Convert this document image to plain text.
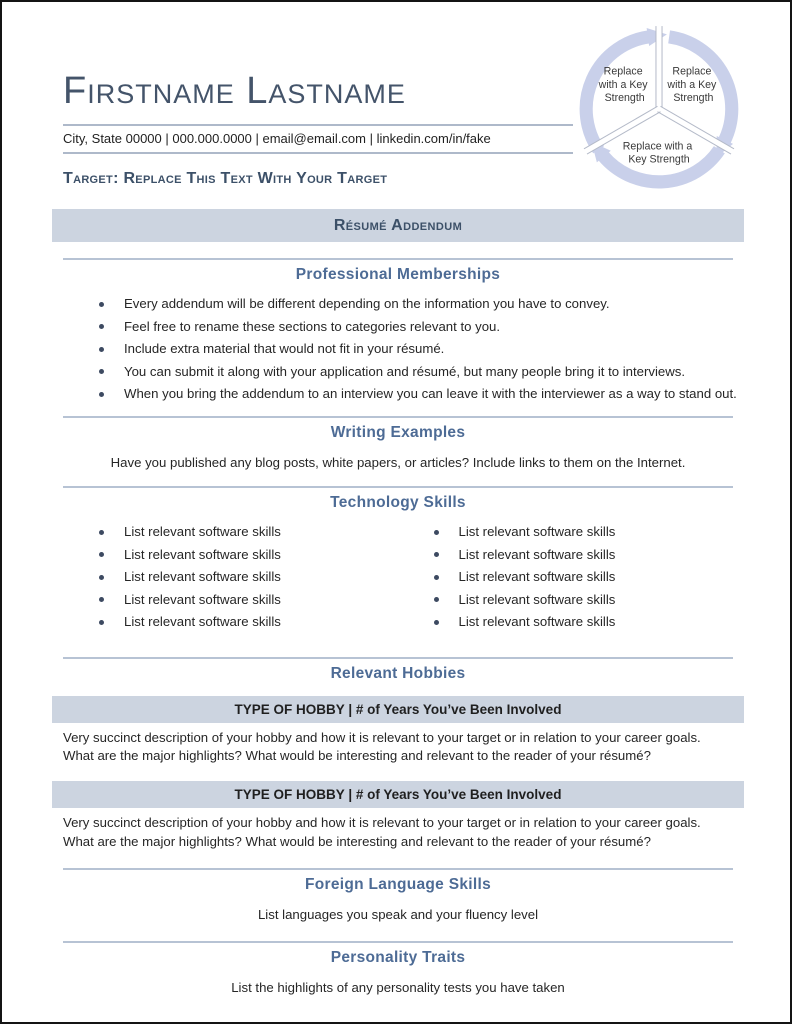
Firstname Lastname
City, State 00000 | 000.000.0000 | email@email.com | linkedin.com/in/fake
Target: Replace This Text With Your Target
Replace with a Key Strength
Replace with a Key Strength
Replace with a Key Strength
Résumé Addendum
Professional Memberships
Every addendum will be different depending on the information you have to convey.
Feel free to rename these sections to categories relevant to you.
Include extra material that would not fit in your résumé.
You can submit it along with your application and résumé, but many people bring it to interviews.
When you bring the addendum to an interview you can leave it with the interviewer as a way to stand out.
Writing Examples

Have you published any blog posts, white papers, or articles? Include links to them on the Internet.

Technology Skills
List relevant software skills
List relevant software skills
List relevant software skills
List relevant software skills
List relevant software skills
List relevant software skills
List relevant software skills
List relevant software skills
List relevant software skills
List relevant software skills
Relevant Hobbies
TYPE OF HOBBY | # of Years You’ve Been Involved

Very succinct description of your hobby and how it is relevant to your target or in relation to your career goals. What are the major highlights? What would be interesting and relevant to the reader of your résumé?

TYPE OF HOBBY | # of Years You’ve Been Involved

Very succinct description of your hobby and how it is relevant to your target or in relation to your career goals. What are the major highlights? What would be interesting and relevant to the reader of your résumé?

Foreign Language Skills

List languages you speak and your fluency level

Personality Traits

List the highlights of any personality tests you have taken
